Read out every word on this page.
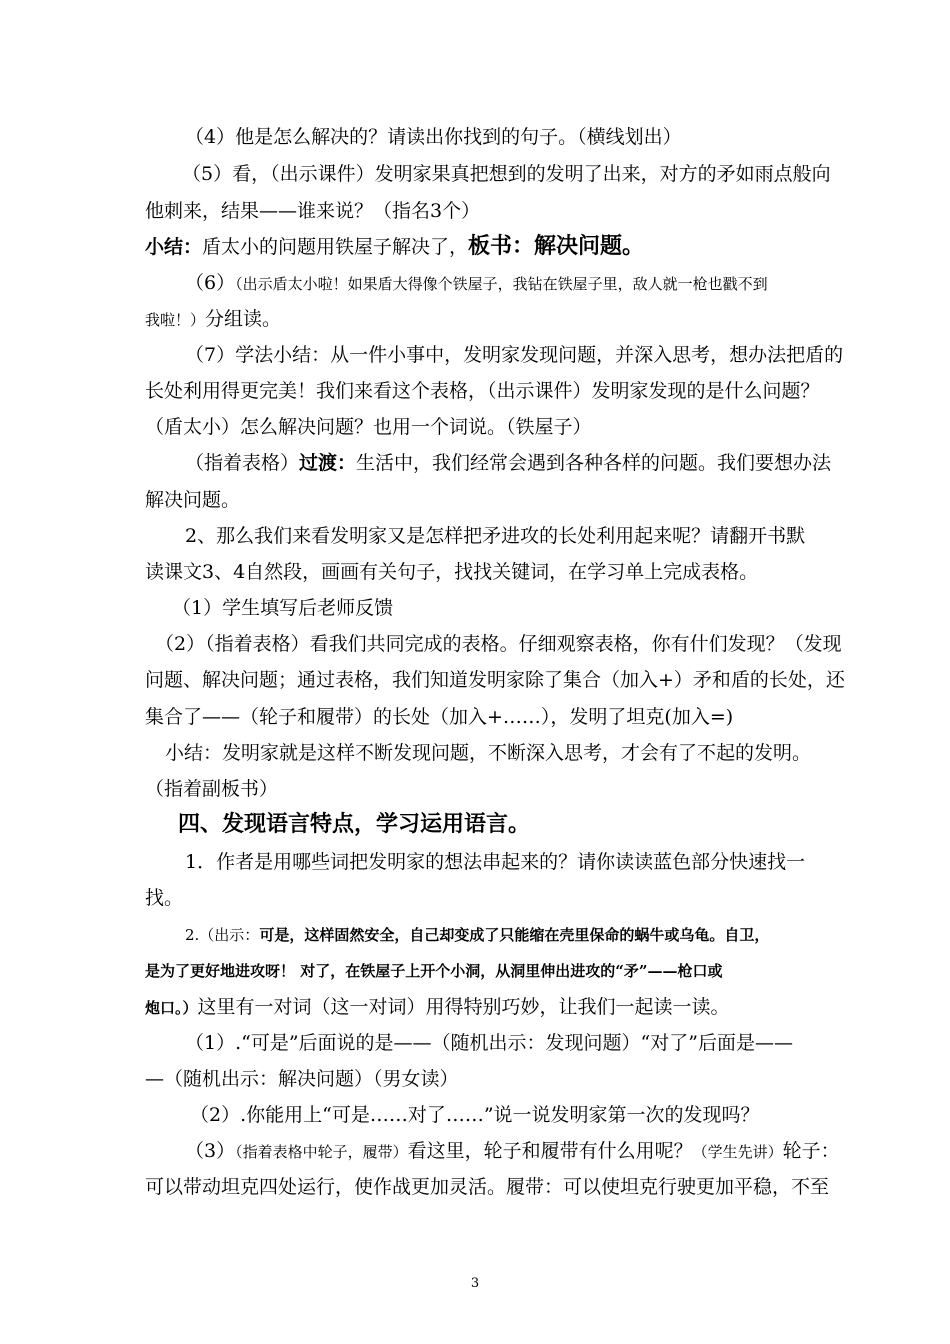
（4）他是怎么解决的？请读出你找到的句子。（横线划出）
（5）看，（出示课件）发明家果真把想到的发明了出来，对方的矛如雨点般向
他刺来，结果——谁来说？（指名3个）
小结：盾太小的问题用铁屋子解决了，板书：解决问题。
（6）（出示盾太小啦！如果盾大得像个铁屋子，我钻在铁屋子里，敌人就一枪也戳不到
我啦！）分组读。
（7）学法小结：从一件小事中，发明家发现问题，并深入思考，想办法把盾的
长处利用得更完美！我们来看这个表格，（出示课件）发明家发现的是什么问题？
（盾太小）怎么解决问题？也用一个词说。（铁屋子）
（指着表格）过渡：生活中，我们经常会遇到各种各样的问题。我们要想办法
解决问题。
2、那么我们来看发明家又是怎样把矛进攻的长处利用起来呢？请翻开书默
读课文3、4自然段，画画有关句子，找找关键词，在学习单上完成表格。
（1）学生填写后老师反馈
（2）（指着表格）看我们共同完成的表格。仔细观察表格，你有什们发现？（发现
问题、解决问题；通过表格，我们知道发明家除了集合（加入+）矛和盾的长处，还
集合了——（轮子和履带）的长处（加入+……），发明了坦克(加入=)
小结：发明家就是这样不断发现问题，不断深入思考，才会有了不起的发明。
（指着副板书）
四、发现语言特点，学习运用语言。
1．作者是用哪些词把发明家的想法串起来的？请你读读蓝色部分快速找一
找。
2.（出示：可是，这样固然安全，自己却变成了只能缩在壳里保命的蜗牛或乌龟。自卫，
是为了更好地进攻呀！ 对了，在铁屋子上开个小洞，从洞里伸出进攻的“矛”——枪口或
炮口。）这里有一对词（这一对词）用得特别巧妙，让我们一起读一读。
（1）.“可是”后面说的是——（随机出示：发现问题）“对了”后面是——
—（随机出示：解决问题）（男女读）
（2）.你能用上“可是……对了……”说一说发明家第一次的发现吗？
（3）（指着表格中轮子，履带）看这里，轮子和履带有什么用呢？（学生先讲）轮子：
可以带动坦克四处运行，使作战更加灵活。履带：可以使坦克行驶更加平稳，不至
3
